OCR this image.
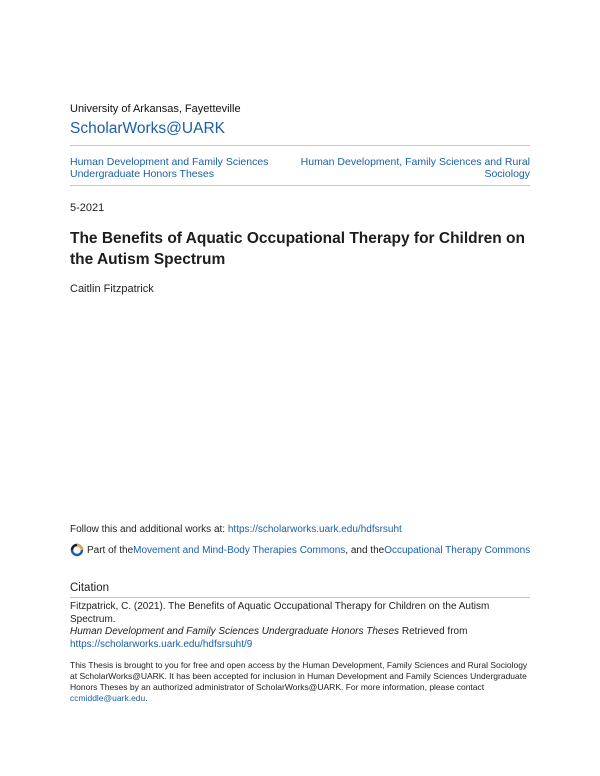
University of Arkansas, Fayetteville
ScholarWorks@UARK
Human Development and Family Sciences Undergraduate Honors Theses
Human Development, Family Sciences and Rural Sociology
5-2021
The Benefits of Aquatic Occupational Therapy for Children on the Autism Spectrum
Caitlin Fitzpatrick
Follow this and additional works at: https://scholarworks.uark.edu/hdfsrsuht
Part of the Movement and Mind-Body Therapies Commons , and the Occupational Therapy Commons
Citation
Fitzpatrick, C. (2021). The Benefits of Aquatic Occupational Therapy for Children on the Autism Spectrum.
Human Development and Family Sciences Undergraduate Honors Theses Retrieved from
https://scholarworks.uark.edu/hdfsrsuht/9
This Thesis is brought to you for free and open access by the Human Development, Family Sciences and Rural Sociology at ScholarWorks@UARK. It has been accepted for inclusion in Human Development and Family Sciences Undergraduate Honors Theses by an authorized administrator of ScholarWorks@UARK. For more information, please contact ccmiddle@uark.edu.
